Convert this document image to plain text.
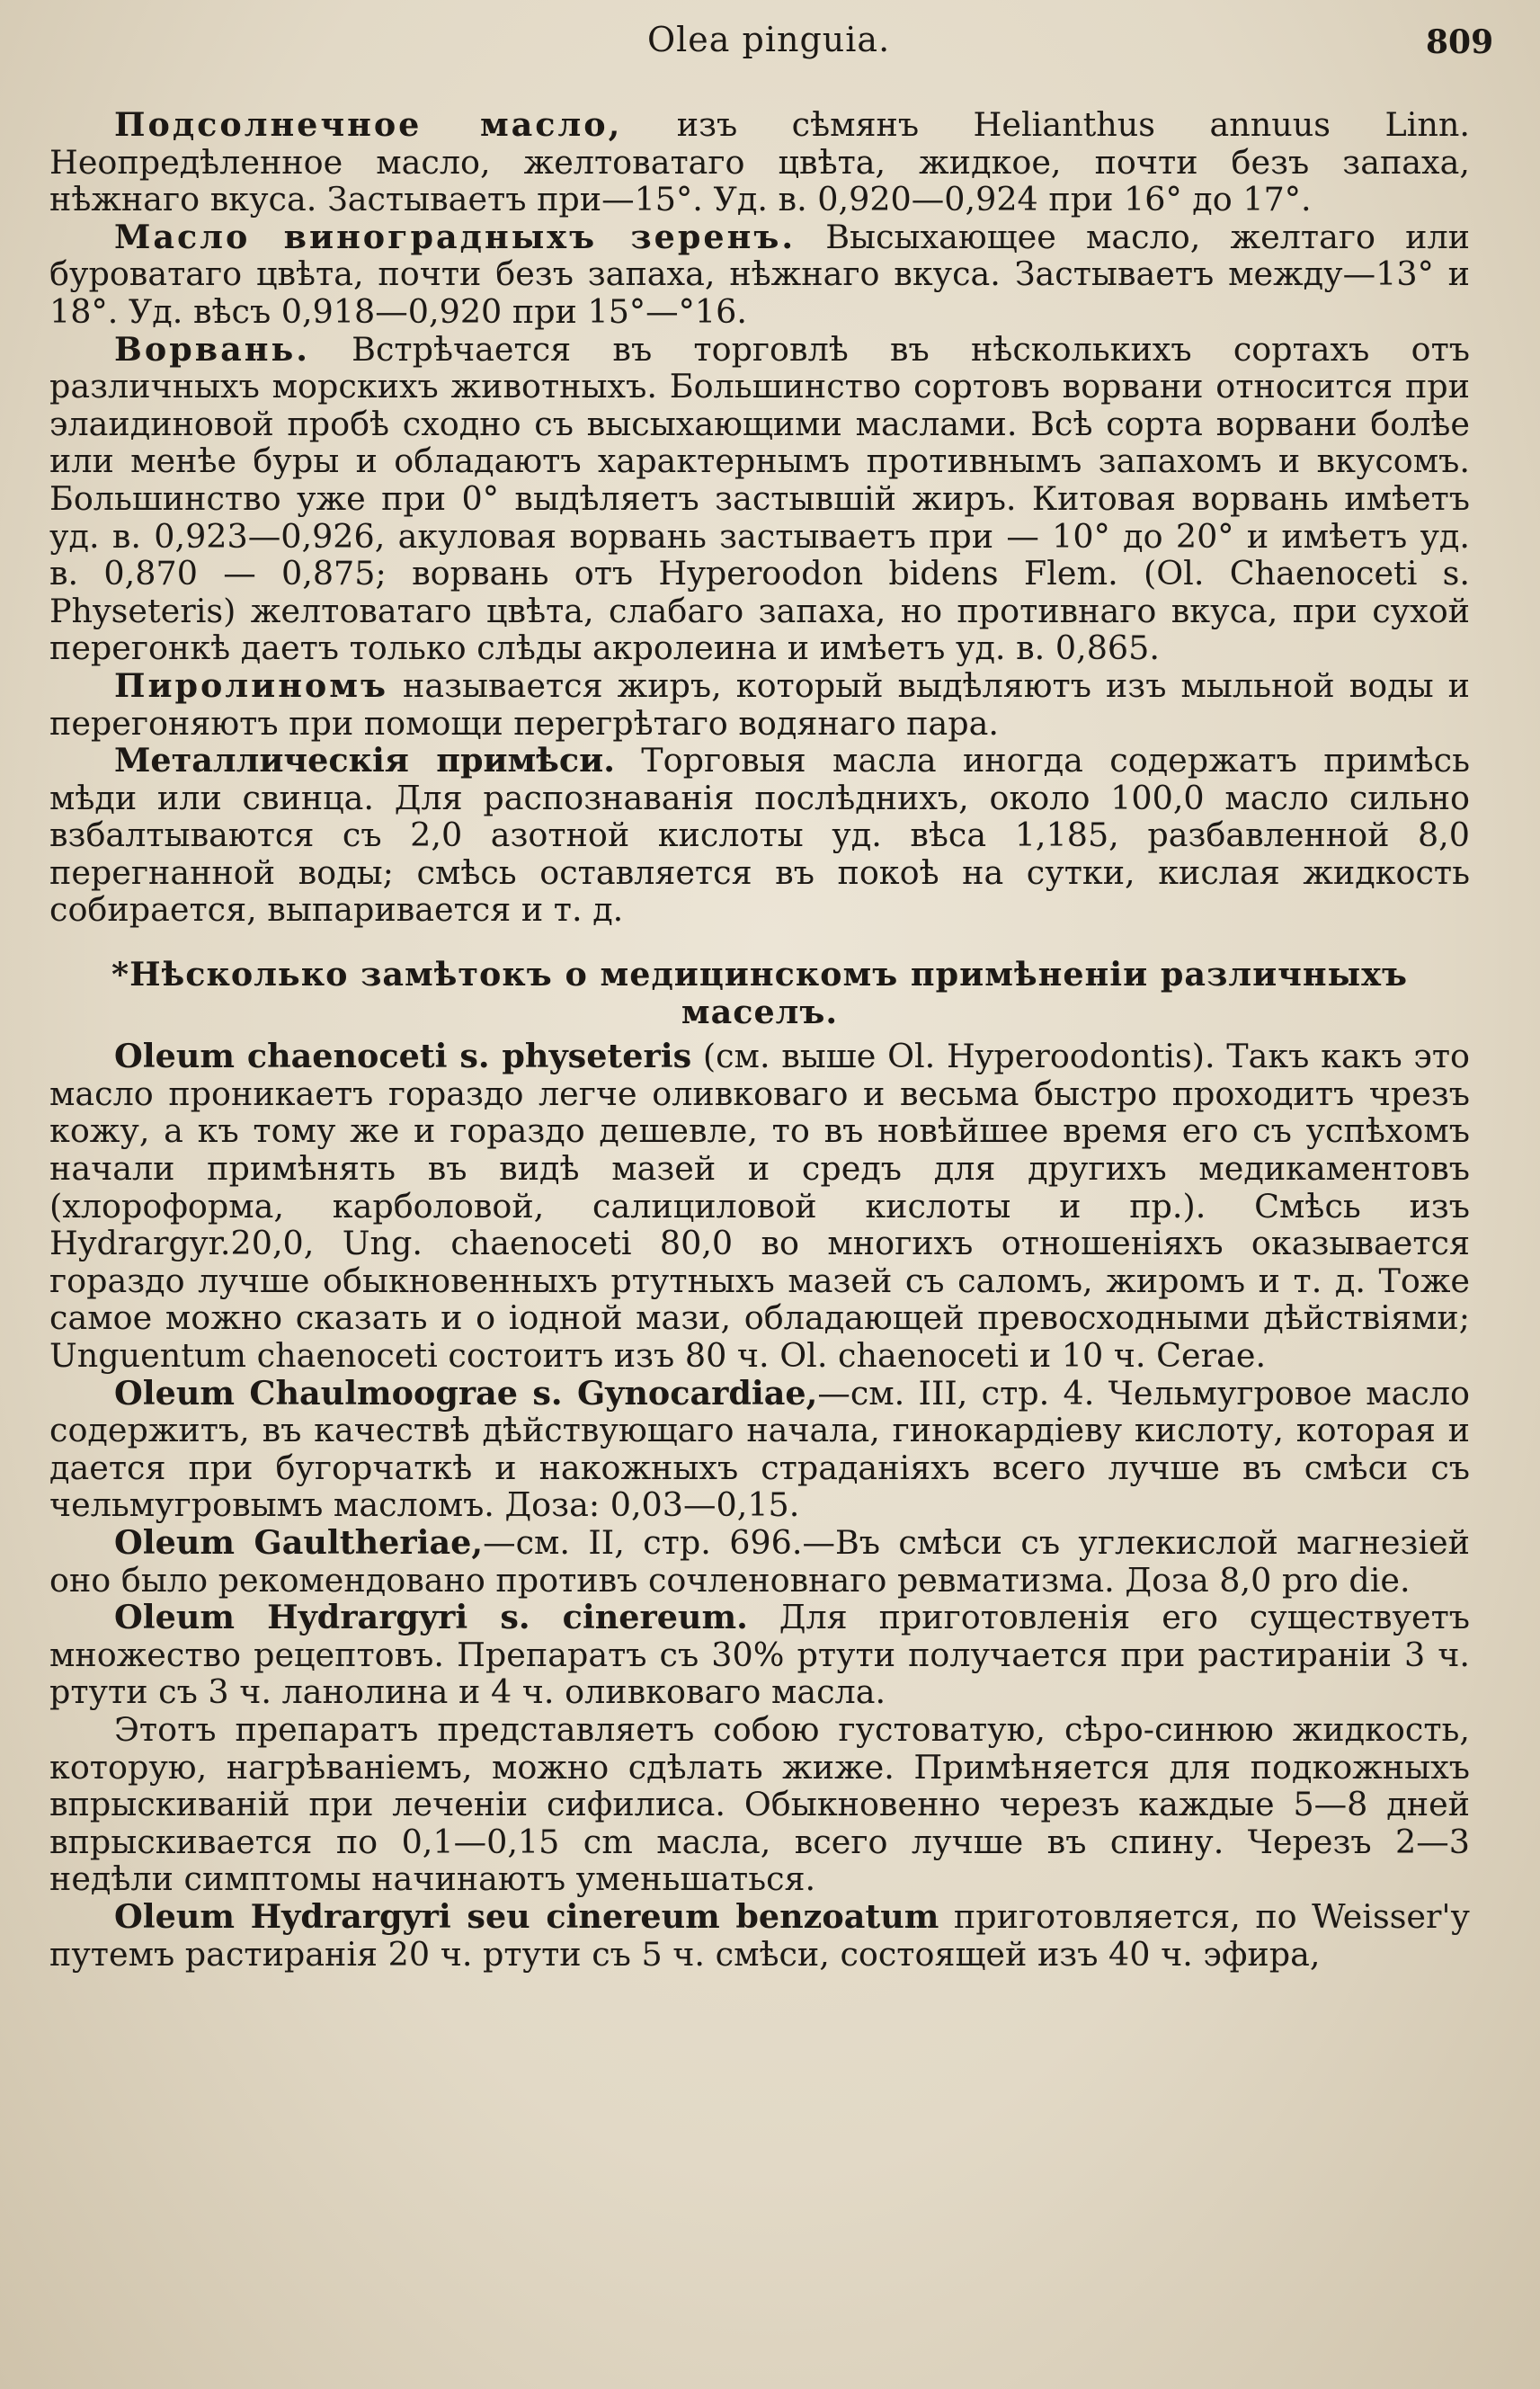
Olea pinguia.	809

Подсолнечное масло, изъ сѣмянъ Helianthus annuus Linn. Неопредѣленное масло, желтоватаго цвѣта, жидкое, почти безъ запаха, нѣжнаго вкуса. Застываетъ при—15°. Уд. в. 0,920—0,924 при 16° до 17°.

Масло виноградныхъ зеренъ. Высыхающее масло, желтаго или буроватаго цвѣта, почти безъ запаха, нѣжнаго вкуса. Застываетъ между—13° и 18°. Уд. вѣсъ 0,918—0,920 при 15°—°16.

Ворвань. Встрѣчается въ торговлѣ въ нѣсколькихъ сортахъ отъ различныхъ морскихъ животныхъ. Большинство сортовъ ворвани относится при элаидиновой пробѣ сходно съ высыхающими маслами. Всѣ сорта ворвани болѣе или менѣе буры и обладаютъ характернымъ противнымъ запахомъ и вкусомъ. Большинство уже при 0° выдѣляетъ застывшій жиръ. Китовая ворвань имѣетъ уд. в. 0,923—0,926, акуловая ворвань застываетъ при — 10° до 20° и имѣетъ уд. в. 0,870 — 0,875; ворвань отъ Hyperoodon bidens Flem. (Ol. Chaenoceti s. Physeteris) желтоватаго цвѣта, слабаго запаха, но противнаго вкуса, при сухой перегонкѣ даетъ только слѣды акролеина и имѣетъ уд. в. 0,865.

Пиролиномъ называется жиръ, который выдѣляютъ изъ мыльной воды и перегоняютъ при помощи перегрѣтаго водянаго пара.

Металлическія примѣси. Торговыя масла иногда содержатъ примѣсь мѣди или свинца. Для распознаванія послѣднихъ, около 100,0 масло сильно взбалтываются съ 2,0 азотной кислоты уд. вѣса 1,185, разбавленной 8,0 перегнанной воды; смѣсь оставляется въ покоѣ на сутки, кислая жидкость собирается, выпаривается и т. д.

*Нѣсколько замѣтокъ о медицинскомъ примѣненіи различныхъ маселъ.

Oleum chaenoceti s. physeteris (см. выше Ol. Hyperoodontis). Такъ какъ это масло проникаетъ гораздо легче оливковаго и весьма быстро проходитъ чрезъ кожу, а къ тому же и гораздо дешевле, то въ новѣйшее время его съ успѣхомъ начали примѣнять въ видѣ мазей и средъ для другихъ медикаментовъ (хлороформа, карболовой, салициловой кислоты и пр.). Смѣсь изъ Hydrargyr.20,0, Ung. chaenoceti 80,0 во многихъ отношеніяхъ оказывается гораздо лучше обыкновенныхъ ртутныхъ мазей съ саломъ, жиромъ и т. д. Тоже самое можно сказать и о іодной мази, обладающей превосходными дѣйствіями; Unguentum chaenoceti состоитъ изъ 80 ч. Ol. chaenoceti и 10 ч. Cerae.

Oleum Chaulmoograe s. Gynocardiae,—см. III, стр. 4. Чельмугровое масло содержитъ, въ качествѣ дѣйствующаго начала, гинокардіеву кислоту, которая и дается при бугорчаткѣ и накожныхъ страданіяхъ всего лучше въ смѣси съ чельмугровымъ масломъ. Доза: 0,03—0,15.

Oleum Gaultheriae,—см. II, стр. 696.—Въ смѣси съ углекислой магнезіей оно было рекомендовано противъ сочленовнаго ревматизма. Доза 8,0 pro die.

Oleum Hydrargyri s. cinereum. Для приготовленія его существуетъ множество рецептовъ. Препаратъ съ 30% ртути получается при растираніи 3 ч. ртути съ 3 ч. ланолина и 4 ч. оливковаго масла.

Этотъ препаратъ представляетъ собою густоватую, сѣро-синюю жидкость, которую, нагрѣваніемъ, можно сдѣлать жиже. Примѣняется для подкожныхъ впрыскиваній при леченіи сифилиса. Обыкновенно черезъ каждые 5—8 дней впрыскивается по 0,1—0,15 cm масла, всего лучше въ спину. Черезъ 2—3 недѣли симптомы начинаютъ уменьшаться.

Oleum Hydrargyri seu cinereum benzoatum приготовляется, по Weisser'у путемъ растиранія 20 ч. ртути съ 5 ч. смѣси, состоящей изъ 40 ч. эфира,
